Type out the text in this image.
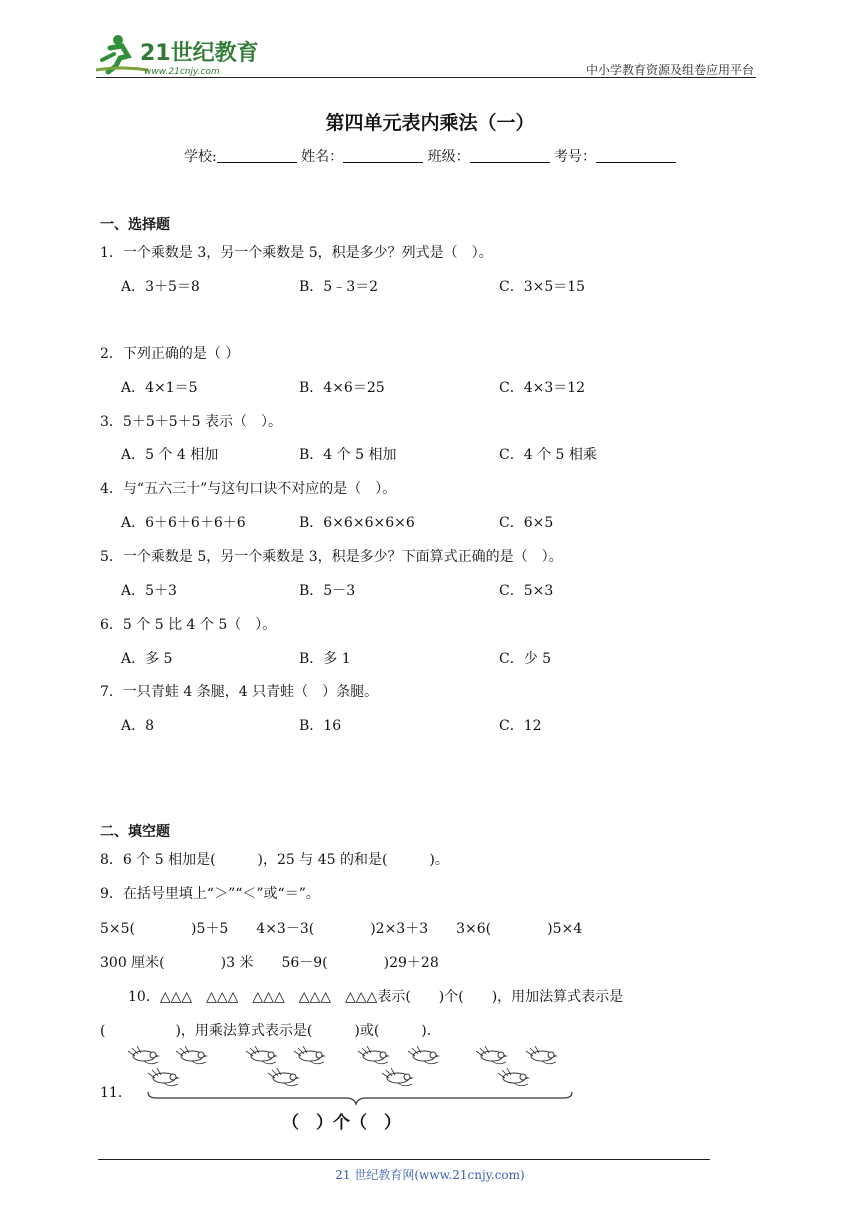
21世纪教育
www.21cnjy.com	中小学教育资源及组卷应用平台
第四单元表内乘法（一）
学校:	姓名：	班级：	考号：
一、选择题
1．一个乘数是 3，另一个乘数是 5，积是多少？列式是（　）。
A．3＋5＝8	B．5﹣3＝2	C．3×5＝15
2．下列正确的是（ ）
A．4×1＝5	B．4×6＝25	C．4×3＝12
3．5＋5＋5＋5 表示（　）。
A．5 个 4 相加	B．4 个 5 相加	C．4 个 5 相乘
4．与“五六三十”与这句口诀不对应的是（　）。
A．6＋6＋6＋6＋6	B．6×6×6×6×6	C．6×5
5．一个乘数是 5，另一个乘数是 3，积是多少？下面算式正确的是（　）。
A．5＋3	B．5－3	C．5×3
6．5 个 5 比 4 个 5（　）。
A．多 5	B．多 1	C．少 5
7．一只青蛙 4 条腿，4 只青蛙（　）条腿。
A．8	B．16	C．12
二、填空题
8．6 个 5 相加是(　　　)，25 与 45 的和是(　　　)。
9．在括号里填上“＞”“＜”或“＝”。
5×5(　　　　)5＋5　　4×3－3(　　　　)2×3＋3　　3×6(　　　　)5×4
300 厘米(　　　　)3 米　　56－9(　　　　)29＋28
10．△△△　△△△　△△△　△△△　△△△表示(　　)个(　　)，用加法算式表示是
(　　　　　)，用乘法算式表示是(　　　)或(　　　)．
11．
（　）个（　）
21 世纪教育网(www.21cnjy.com)
